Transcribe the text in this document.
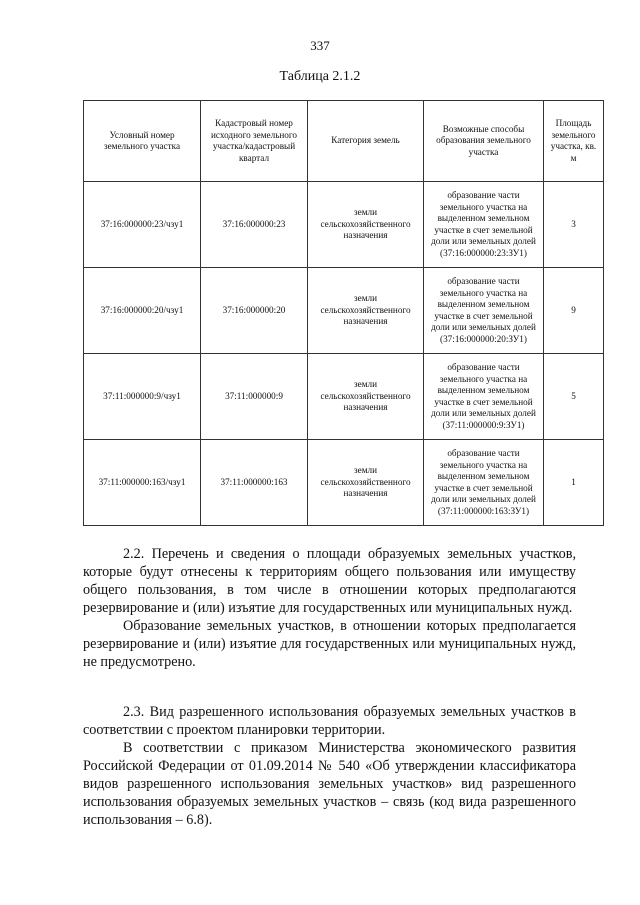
337
Таблица 2.1.2
Условный номер земельного участка	Кадастровый номер исходного земельного участка/кадастровый квартал	Категория земель	Возможные способы образования земельного участка	Площадь земельного участка, кв. м
37:16:000000:23/чзу1	37:16:000000:23	земли сельскохозяйственного назначения	образование части земельного участка на выделенном земельном участке в счет земельной доли или земельных долей (37:16:000000:23:ЗУ1)	3
37:16:000000:20/чзу1	37:16:000000:20	земли сельскохозяйственного назначения	образование части земельного участка на выделенном земельном участке в счет земельной доли или земельных долей (37:16:000000:20:ЗУ1)	9
37:11:000000:9/чзу1	37:11:000000:9	земли сельскохозяйственного назначения	образование части земельного участка на выделенном земельном участке в счет земельной доли или земельных долей (37:11:000000:9:ЗУ1)	5
37:11:000000:163/чзу1	37:11:000000:163	земли сельскохозяйственного назначения	образование части земельного участка на выделенном земельном участке в счет земельной доли или земельных долей (37:11:000000:163:ЗУ1)	1

2.2. Перечень и сведения о площади образуемых земельных участков, которые будут отнесены к территориям общего пользования или имуществу общего пользования, в том числе в отношении которых предполагаются резервирование и (или) изъятие для государственных или муниципальных нужд.

Образование земельных участков, в отношении которых предполагается резервирование и (или) изъятие для государственных или муниципальных нужд, не предусмотрено.

2.3. Вид разрешенного использования образуемых земельных участков в соответствии с проектом планировки территории.

В соответствии с приказом Министерства экономического развития Российской Федерации от 01.09.2014 № 540 «Об утверждении классификатора видов разрешенного использования земельных участков» вид разрешенного использования образуемых земельных участков – связь (код вида разрешенного использования – 6.8).
